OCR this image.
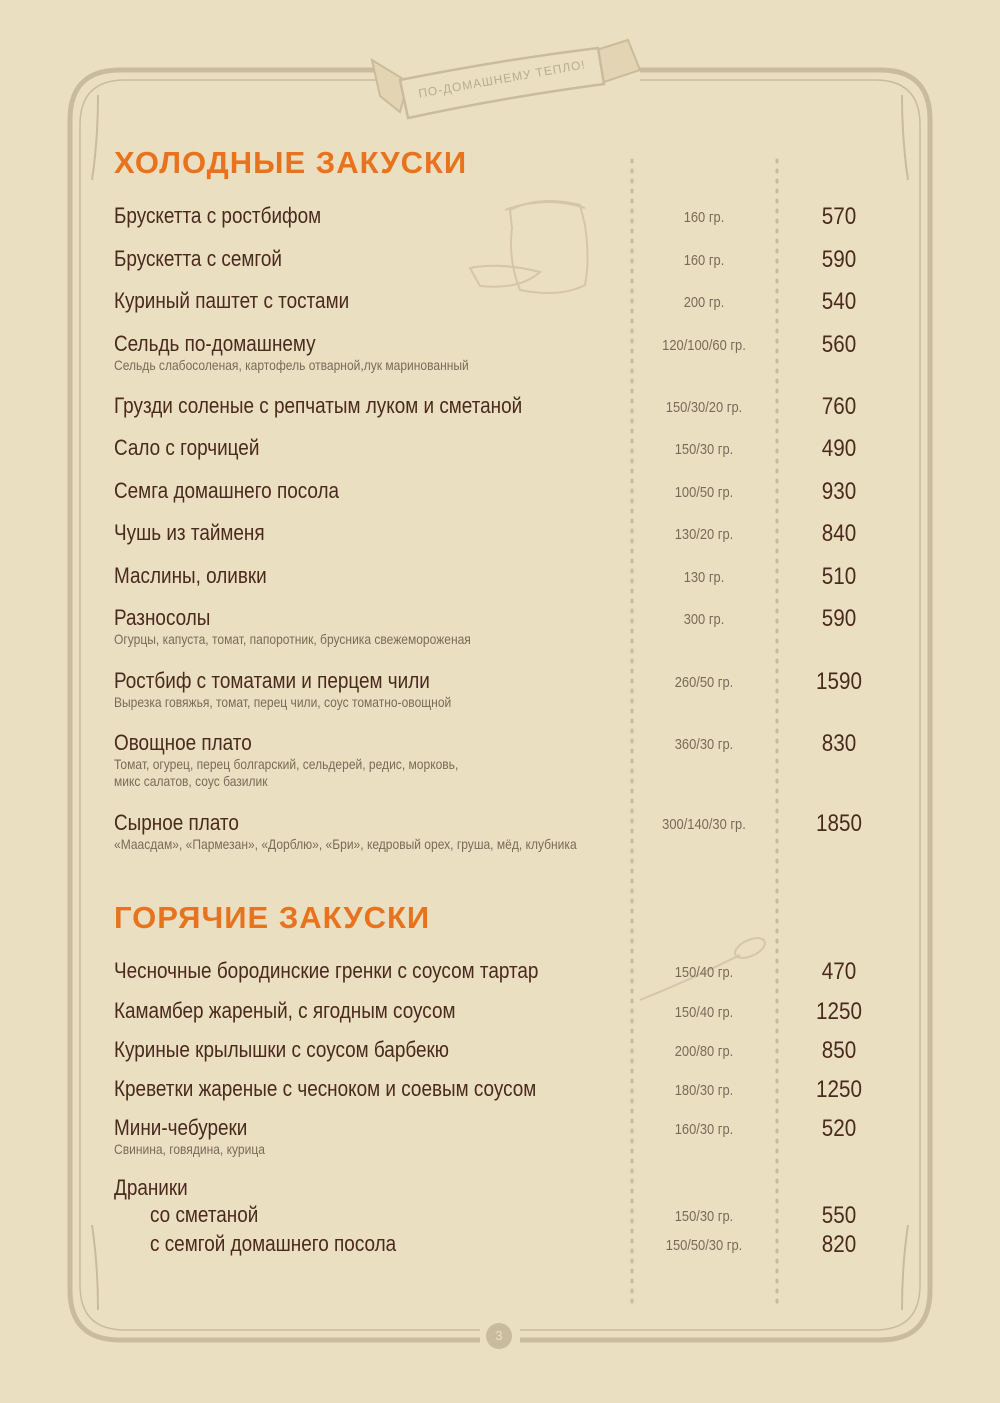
ПО-ДОМАШНЕМУ ТЕПЛО!
3
ХОЛОДНЫЕ ЗАКУСКИ
Брускетта с ростбифом	160 гр.	570
Брускетта с семгой	160 гр.	590
Куриный паштет с тостами	200 гр.	540
Сельдь по-домашнему
Сельдь слабосоленая, картофель отварной,лук маринованный
120/100/60 гр.	560
Грузди соленые с репчатым луком и сметаной	150/30/20 гр.	760
Сало с горчицей	150/30 гр.	490
Семга домашнего посола	100/50 гр.	930
Чушь из тайменя	130/20 гр.	840
Маслины, оливки	130 гр.	510
Разносолы
Огурцы, капуста, томат, папоротник, брусника свежемороженая
300 гр.	590
Ростбиф с томатами и перцем чили
Вырезка говяжья, томат, перец чили, соус томатно-овощной
260/50 гр.	1590
Овощное плато
Томат, огурец, перец болгарский, сельдерей, редис, морковь,
микс салатов, соус базилик
360/30 гр.	830
Сырное плато
«Маасдам», «Пармезан», «Дорблю», «Бри», кедровый орех, груша, мёд, клубника
300/140/30 гр.	1850
ГОРЯЧИЕ ЗАКУСКИ
Чесночные бородинские гренки с соусом тартар	150/40 гр.	470
Камамбер жареный, с ягодным соусом	150/40 гр.	1250
Куриные крылышки с соусом барбекю	200/80 гр.	850
Креветки жареные с чесноком и соевым соусом	180/30 гр.	1250
Мини-чебуреки
Свинина, говядина, курица
160/30 гр.	520
Драники
со сметаной	150/30 гр.	550
с семгой домашнего посола	150/50/30 гр.	820
